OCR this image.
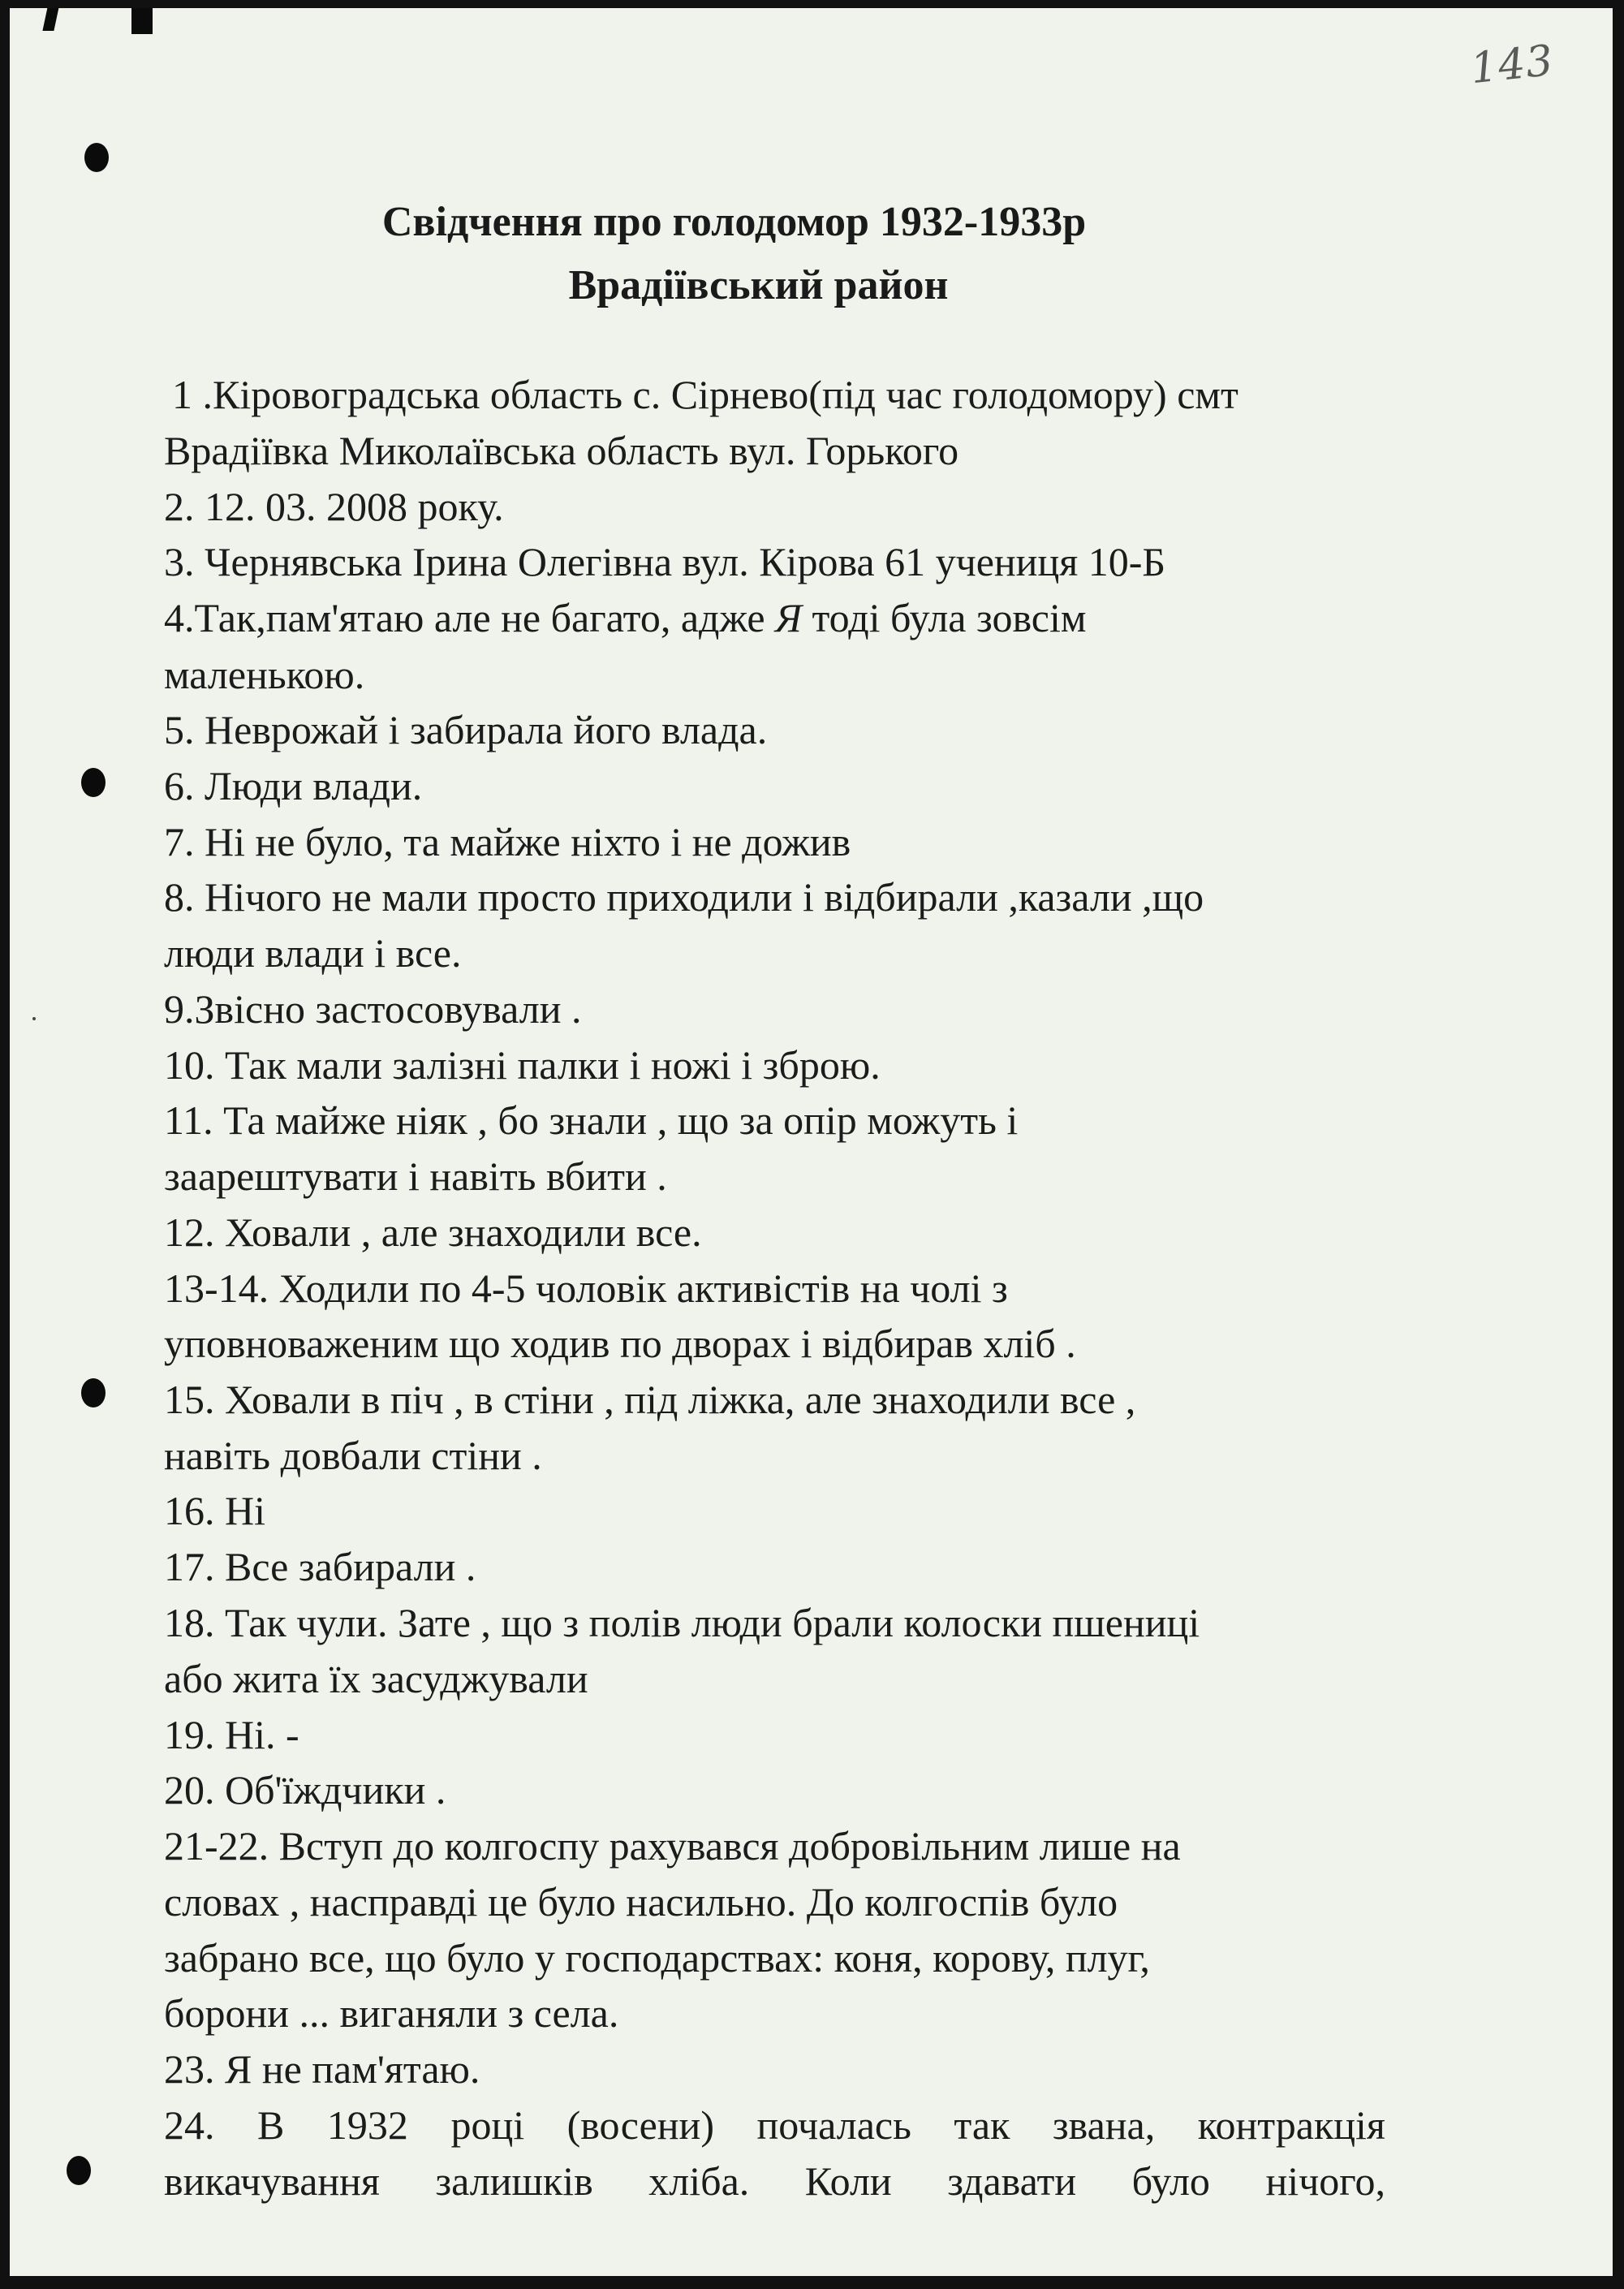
143
Свідчення про голодомор 1932-1933р
Врадіївський район
1 .Кіровоградська область с. Сірнево(під час голодомору) смт
Врадіївка Миколаївська область вул. Горького
2. 12. 03. 2008 року.
3. Чернявська Ірина Олегівна вул. Кірова 61 учениця 10-Б
4.Так,пам'ятаю але не багато, адже Я тоді була зовсім
маленькою.
5. Неврожай і забирала його влада.
6. Люди влади.
7. Ні не було, та майже ніхто і не дожив
8. Нічого не мали просто приходили і відбирали ,казали ,що
люди влади і все.
9.Звісно застосовували .
10. Так мали залізні палки і ножі і зброю.
11. Та майже ніяк , бо знали , що за опір можуть і
заарештувати і навіть вбити .
12. Ховали , але знаходили все.
13-14. Ходили по 4-5 чоловік активістів на чолі з
уповноваженим що ходив по дворах і відбирав хліб .
15. Ховали в піч , в стіни , під ліжка, але знаходили все ,
навіть довбали стіни .
16. Ні
17. Все забирали .
18. Так чули. Зате , що з полів люди брали колоски пшениці
або жита їх засуджували
19. Ні. -
20. Об'їждчики .
21-22. Вступ до колгоспу рахувався добровільним лише на
словах , насправді це було насильно. До колгоспів було
забрано все, що було у господарствах: коня, корову, плуг,
борони ... виганяли з села.
23. Я не пам'ятаю.
24. В 1932 році (восени) почалась так звана, контракція
викачування залишків хліба. Коли здавати було нічого,
